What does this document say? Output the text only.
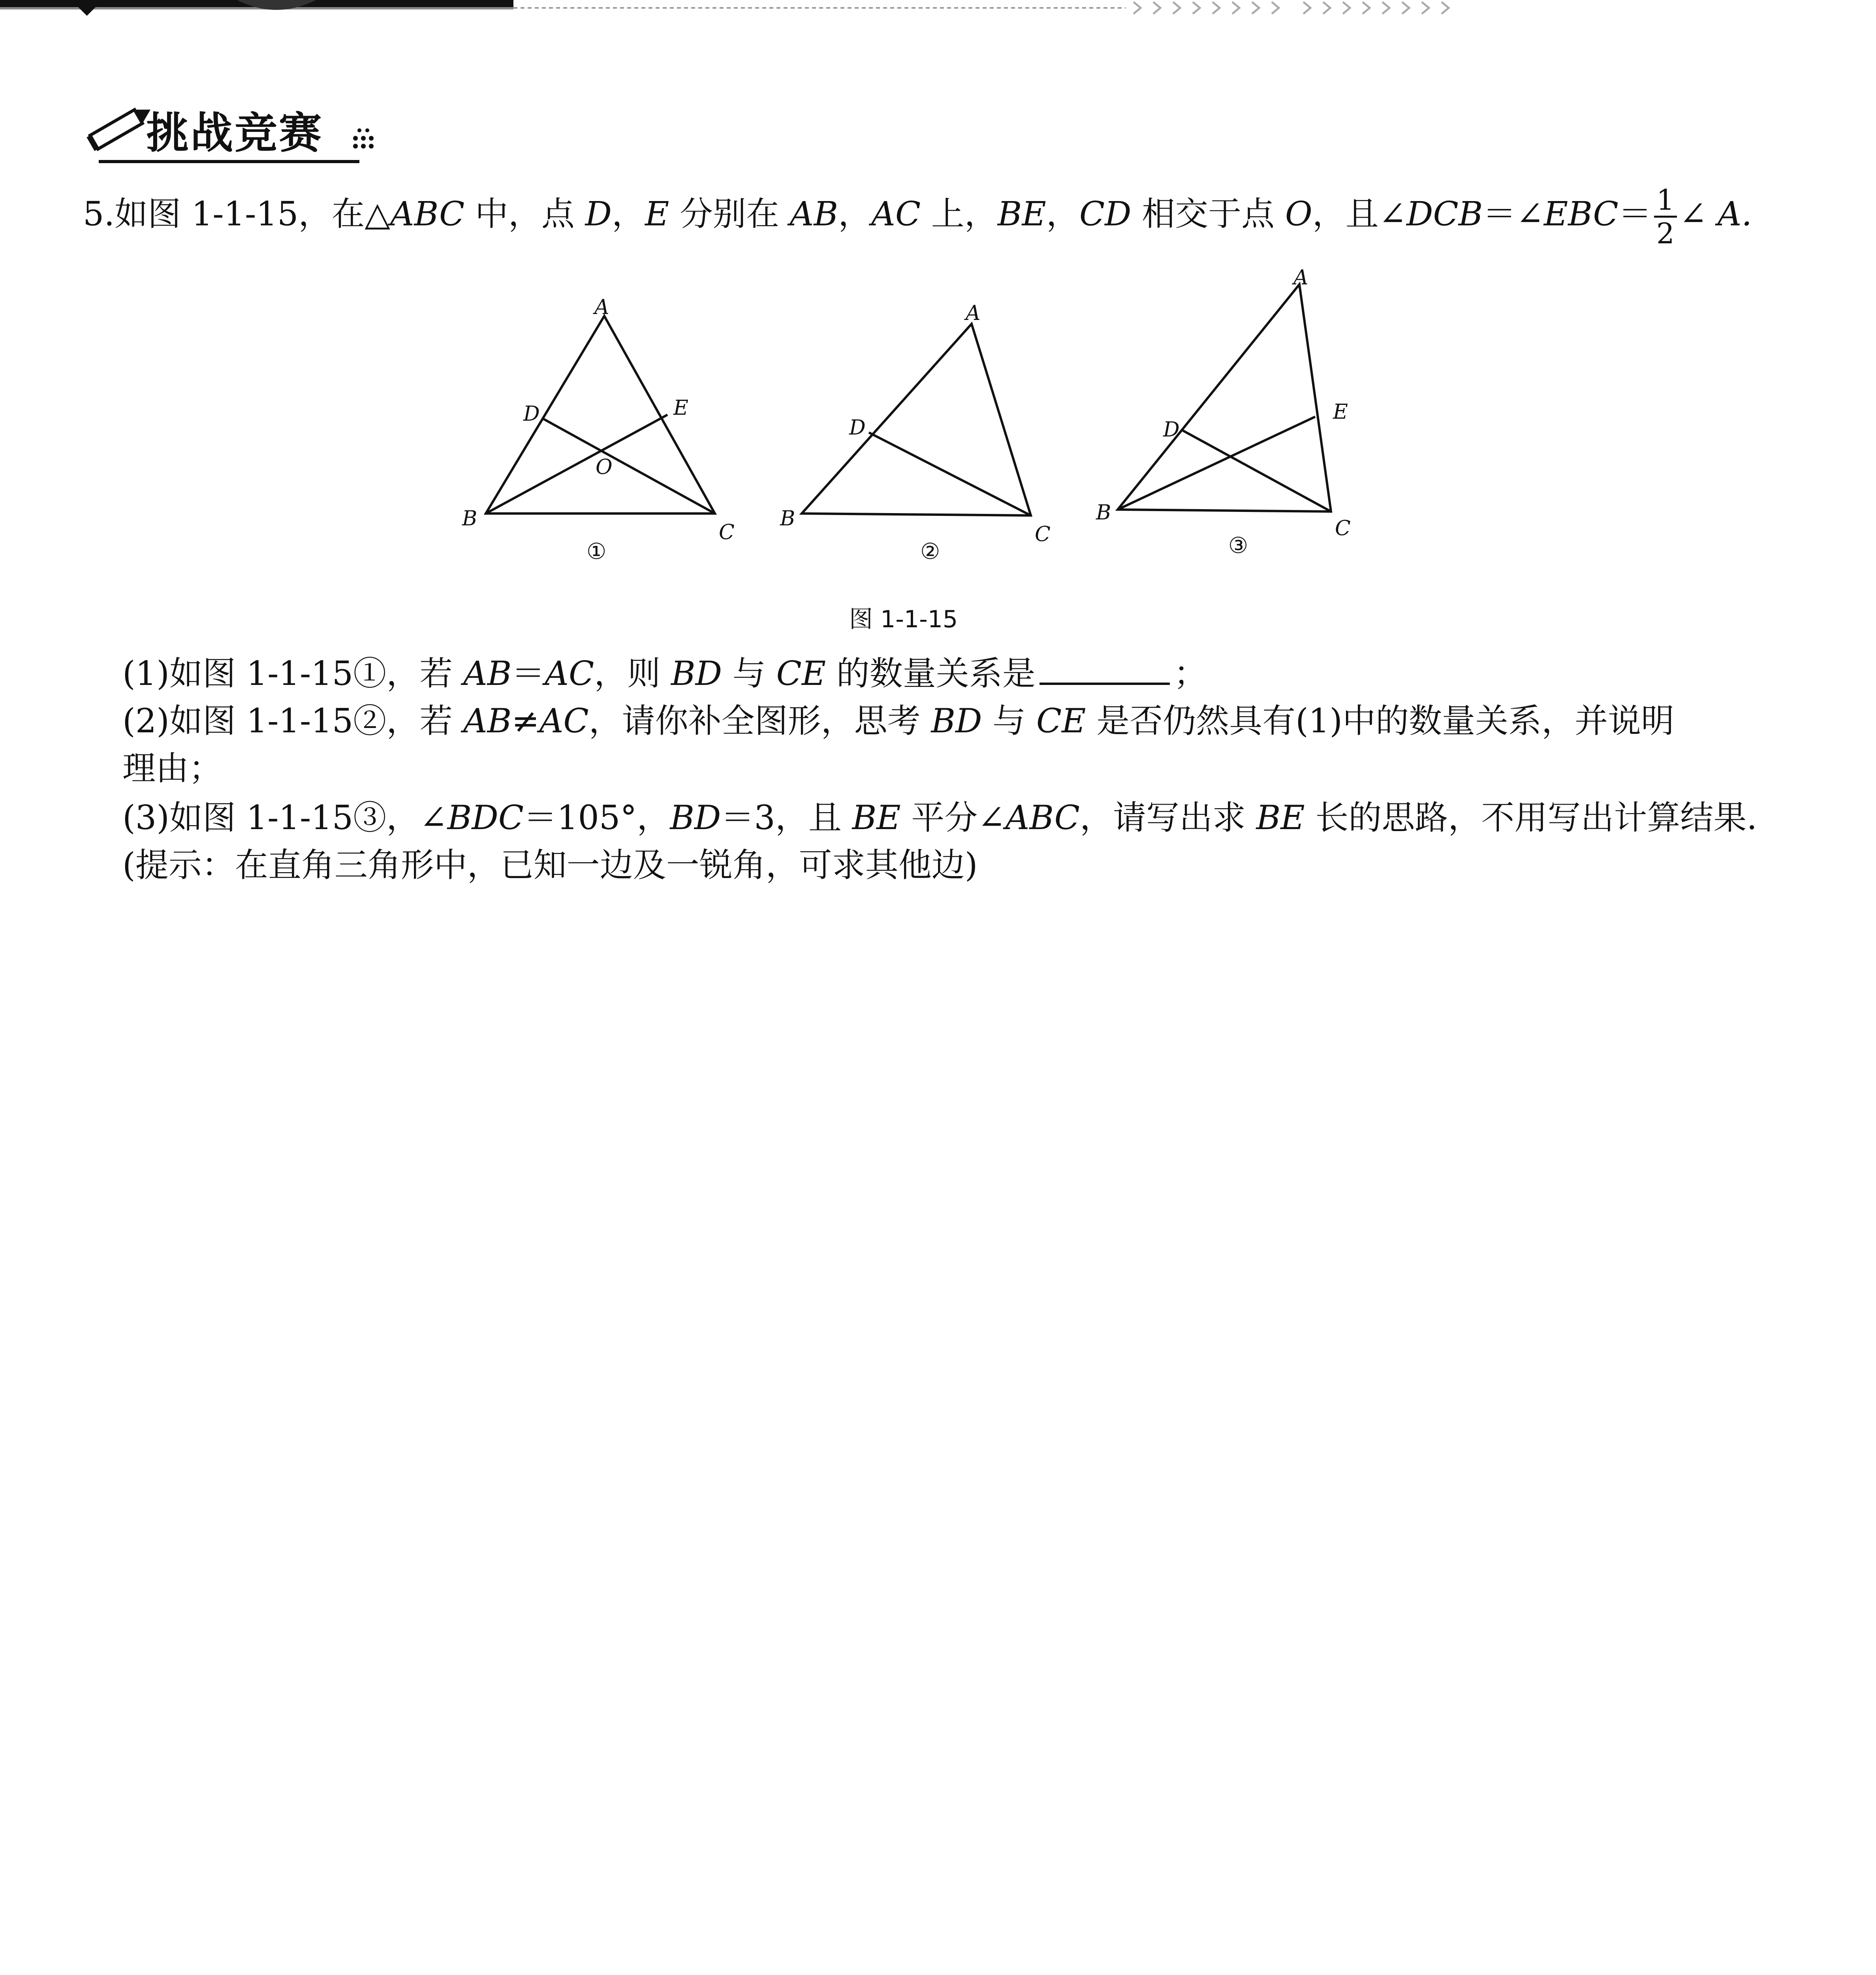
挑战竞赛
5.如图 1-1-15，在△ABC 中，点 D，E 分别在 AB，AC 上，BE，CD 相交于点 O，且∠DCB＝∠EBC＝ $\frac{1}{2}$ ∠ A.
A
B
C
D	E
O
A
B
C
D
A
B
C
D
E
①	②	③
图 1-1-15
(1)如图 1-1-15①，若 AB＝AC，则 BD 与 CE 的数量关系是	；
(2)如图 1-1-15②，若 AB≠AC，请你补全图形，思考 BD 与 CE 是否仍然具有(1)中的数量关系，并说明
理由；
(3)如图 1-1-15③，∠BDC＝105°，BD＝3，且 BE 平分∠ABC，请写出求 BE 长的思路，不用写出计算结果.
(提示：在直角三角形中，已知一边及一锐角，可求其他边)
